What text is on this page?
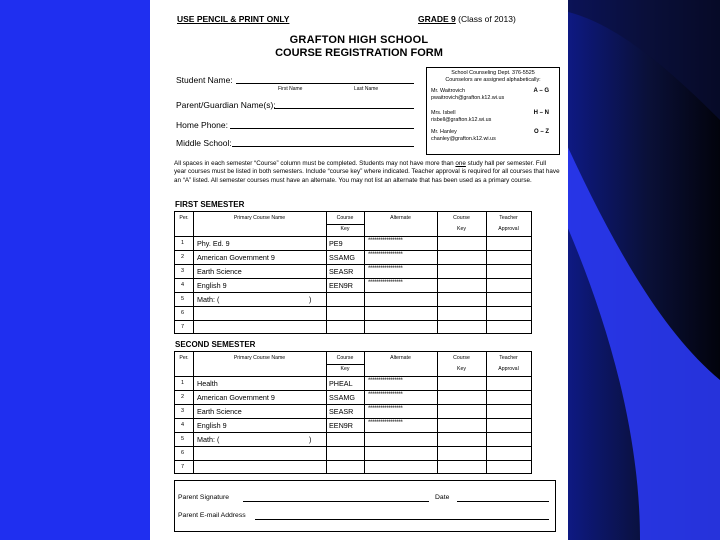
USE PENCIL & PRINT ONLY	GRADE 9 (Class of 2013)
GRAFTON HIGH SCHOOL
COURSE REGISTRATION FORM
Student Name:
First Name	Last Name
Parent/Guardian Name(s):
Home Phone:
Middle School:
School Counseling Dept. 376-5525
Counselors are assigned alphabetically:
Mr. Waitrovich
pwaitrovich@grafton.k12.wi.us
A – G
Mrs. Isbell
risbell@grafton.k12.wi.us
H – N
Mr. Hanley
chanley@grafton.k12.wi.us
O – Z
All spaces in each semester “Course” column must be completed. Students may not have more than one study hall per semester. Full year courses must be listed in both semesters. Include “course key” where indicated. Teacher approval is required for all courses that have an “A” listed. All semester courses must have an alternate. You may not list an alternate that has been used as a primary course.
FIRST SEMESTER
Per.	Primary Course Name	Course
Key
Alternate	Course
Key
Teacher
Approval
1 Phy. Ed. 9	PE9	*****************
2 American Government 9	SSAMG *****************
3 Earth Science	SEASR *****************
4 English 9	EEN9R	*****************
5 Math: (	)
6
7
SECOND SEMESTER
Per.	Primary Course Name	Course
Key
Alternate	Course
Key
Teacher
Approval
1 Health	PHEAL	*****************
2 American Government 9	SSAMG *****************
3 Earth Science	SEASR *****************
4 English 9	EEN9R	*****************
5 Math: (	)
6
7
Parent Signature	Date
Parent E-mail Address
